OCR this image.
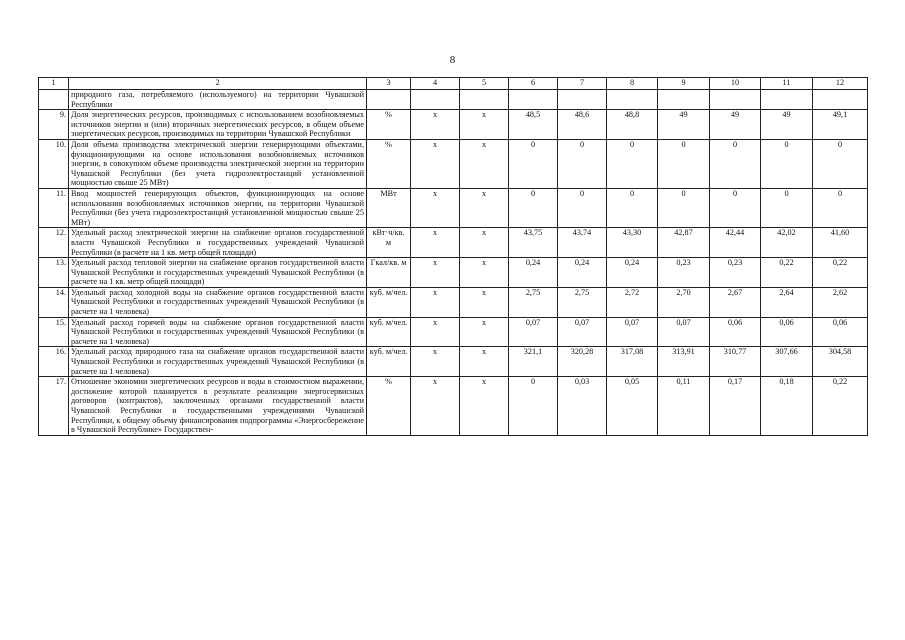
8
1	2	3	4	5	6	7	8	9	10	11	12
	природного газа, потребляемого (используемого) на территории Чувашской Республики										
9.	Доля энергетических ресурсов, производимых с использованием возобновляемых источников энергии и (или) вторичных энергетических ресурсов, в общем объеме энергетических ресурсов, производимых на территории Чувашской Республики	%	x	x	48,5	48,6	48,8	49	49	49	49,1
10.	Доля объема производства электрической энергии генерирующими объектами, функционирующими на основе использования возобновляемых источников энергии, в совокупном объеме производства электрической энергии на территории Чувашской Республики (без учета гидроэлектростанций установленной мощностью свыше 25 МВт)	%	x	x	0	0	0	0	0	0	0
11.	Ввод мощностей генерирующих объектов, функционирующих на основе использования возобновляемых источников энергии, на территории Чувашской Республики (без учета гидроэлектростанций установленной мощностью свыше 25 МВт)	МВт	x	x	0	0	0	0	0	0	0
12.	Удельный расход электрической энергии на снабжение органов государственной власти Чувашской Республики и государственных учреждений Чувашской Республики (в расчете на 1 кв. метр общей площади)	кВт·ч/кв. м	x	x	43,75	43,74	43,30	42,87	42,44	42,02	41,60
13.	Удельный расход тепловой энергии на снабжение органов государственной власти Чувашской Республики и государственных учреждений Чувашской Республики (в расчете на 1 кв. метр общей площади)	Гкал/кв. м	x	x	0,24	0,24	0,24	0,23	0,23	0,22	0,22
14.	Удельный расход холодной воды на снабжение органов государственной власти Чувашской Республики и государственных учреждений Чувашской Республики (в расчете на 1 человека)	куб. м/чел.	x	x	2,75	2,75	2,72	2,70	2,67	2,64	2,62
15.	Удельный расход горячей воды на снабжение органов государственной власти Чувашской Республики и государственных учреждений Чувашской Республики (в расчете на 1 человека)	куб. м/чел.	x	x	0,07	0,07	0,07	0,07	0,06	0,06	0,06
16.	Удельный расход природного газа на снабжение органов государственной власти Чувашской Республики и государственных учреждений Чувашской Республики (в расчете на 1 человека)	куб. м/чел.	x	x	321,1	320,28	317,08	313,91	310,77	307,66	304,58
17.	Отношение экономии энергетических ресурсов и воды в стоимостном выражении, достижение которой планируется в результате реализации энергосервисных договоров (контрактов), заключенных органами государственной власти Чувашской Республики и государственными учреждениями Чувашской Республики, к общему объему финансирования подпрограммы «Энергосбережение в Чувашской Республике» Государствен-	%	x	x	0	0,03	0,05	0,11	0,17	0,18	0,22
